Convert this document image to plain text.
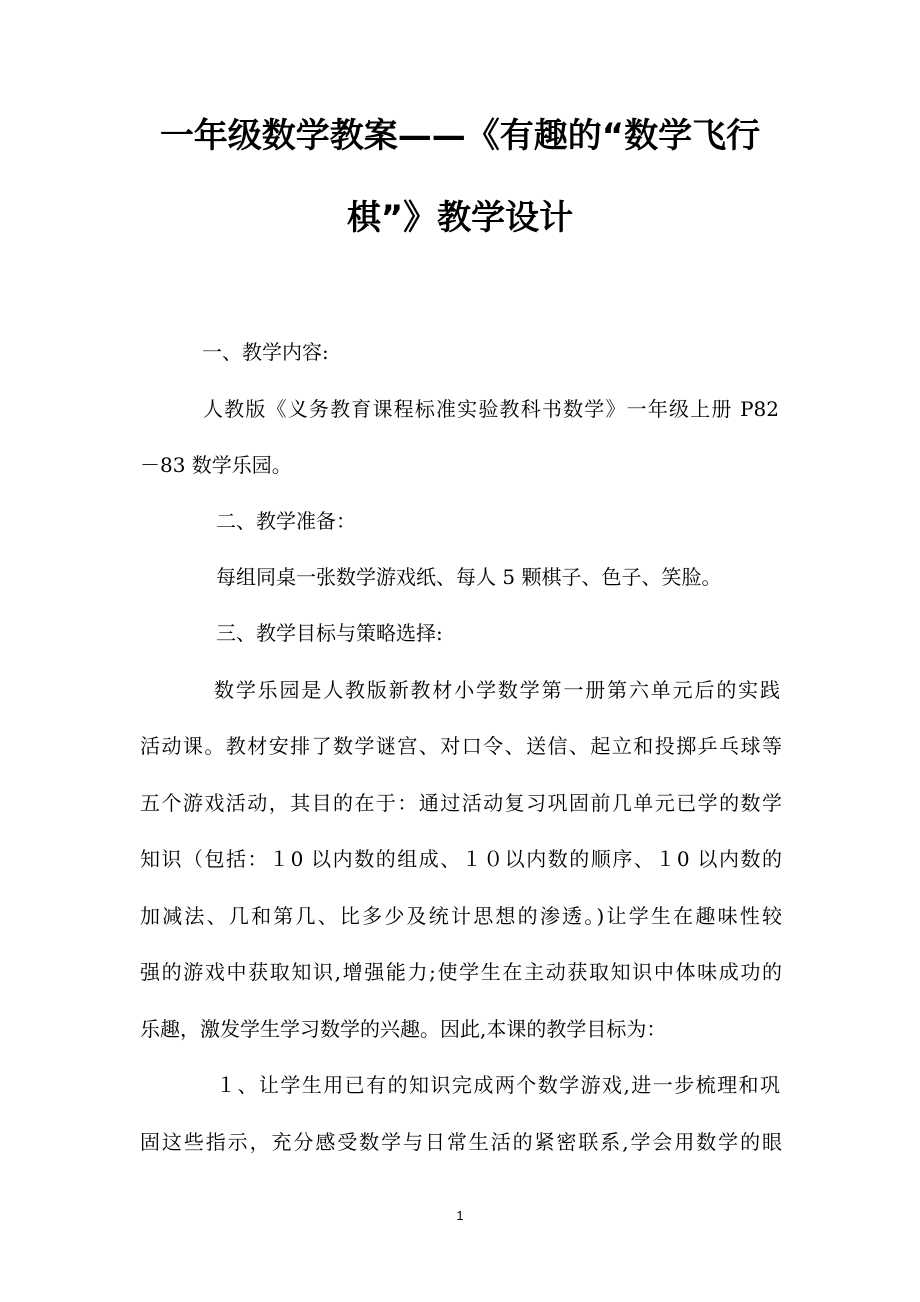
一年级数学教案——《有趣的“数学飞行
棋”》教学设计
一、教学内容:
人教版《义务教育课程标准实验教科书数学》一年级上册 P82
－83 数学乐园。
二、教学准备：
每组同桌一张数学游戏纸、每人 5 颗棋子、色子、笑脸。
三、教学目标与策略选择:
数学乐园是人教版新教材小学数学第一册第六单元后的实践
活动课。教材安排了数学谜宫、对口令、送信、起立和投掷乒乓球等
五个游戏活动，其目的在于：通过活动复习巩固前几单元已学的数学
知识（包括：１0 以内数的组成、１０以内数的顺序、１0 以内数的
加减法、几和第几、比多少及统计思想的渗透。)让学生在趣味性较
强的游戏中获取知识,增强能力;使学生在主动获取知识中体味成功的
乐趣，激发学生学习数学的兴趣。因此,本课的教学目标为：
１、让学生用已有的知识完成两个数学游戏,进一步梳理和巩
固这些指示，充分感受数学与日常生活的紧密联系,学会用数学的眼
1
